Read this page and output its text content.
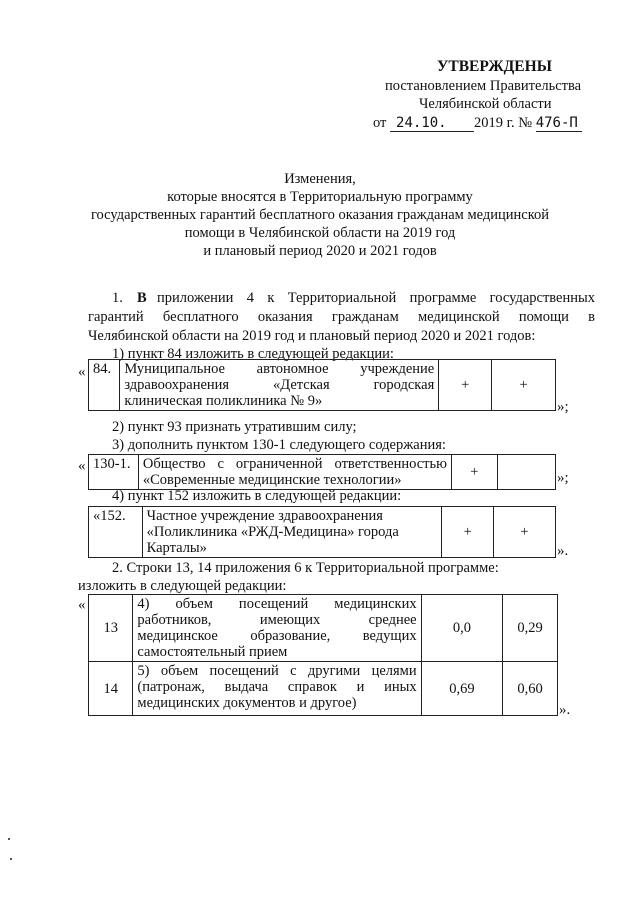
УТВЕРЖДЕНЫ
постановлением Правительства
Челябинской области
от 24.10. 2019 г. № 476-П
Изменения,
которые вносятся в Территориальную программу
государственных гарантий бесплатного оказания гражданам медицинской
помощи в Челябинской области на 2019 год
и плановый период 2020 и 2021 годов
1. В приложении 4 к Территориальной программе государственных
гарантий бесплатного оказания гражданам медицинской помощи в
Челябинской области на 2019 год и плановый период 2020 и 2021 годов:
1) пункт 84 изложить в следующей редакции:
« 84.	Муниципальное автономное учреждение
здравоохранения «Детская городская
клиническая поликлиника № 9»
	+	+
»;
2) пункт 93 признать утратившим силу;
3) дополнить пунктом 130-1 следующего содержания:
« 130-1.	Общество с ограниченной ответственностью
«Современные медицинские технологии»	+		»;
4) пункт 152 изложить в следующей редакции:
«152.	Частное учреждение здравоохранения
«Поликлиника «РЖД-Медицина» города
Карталы»
	+	+
».
2. Строки 13, 14 приложения 6 к Территориальной программе:
изложить в следующей редакции:
«
13	4) объем посещений медицинских
работников, имеющих среднее
медицинское образование, ведущих
самостоятельный прием	0,0	0,29
14	5) объем посещений с другими целями
(патронаж, выдача справок и иных
медицинских документов и другое)	0,69	0,60
».
